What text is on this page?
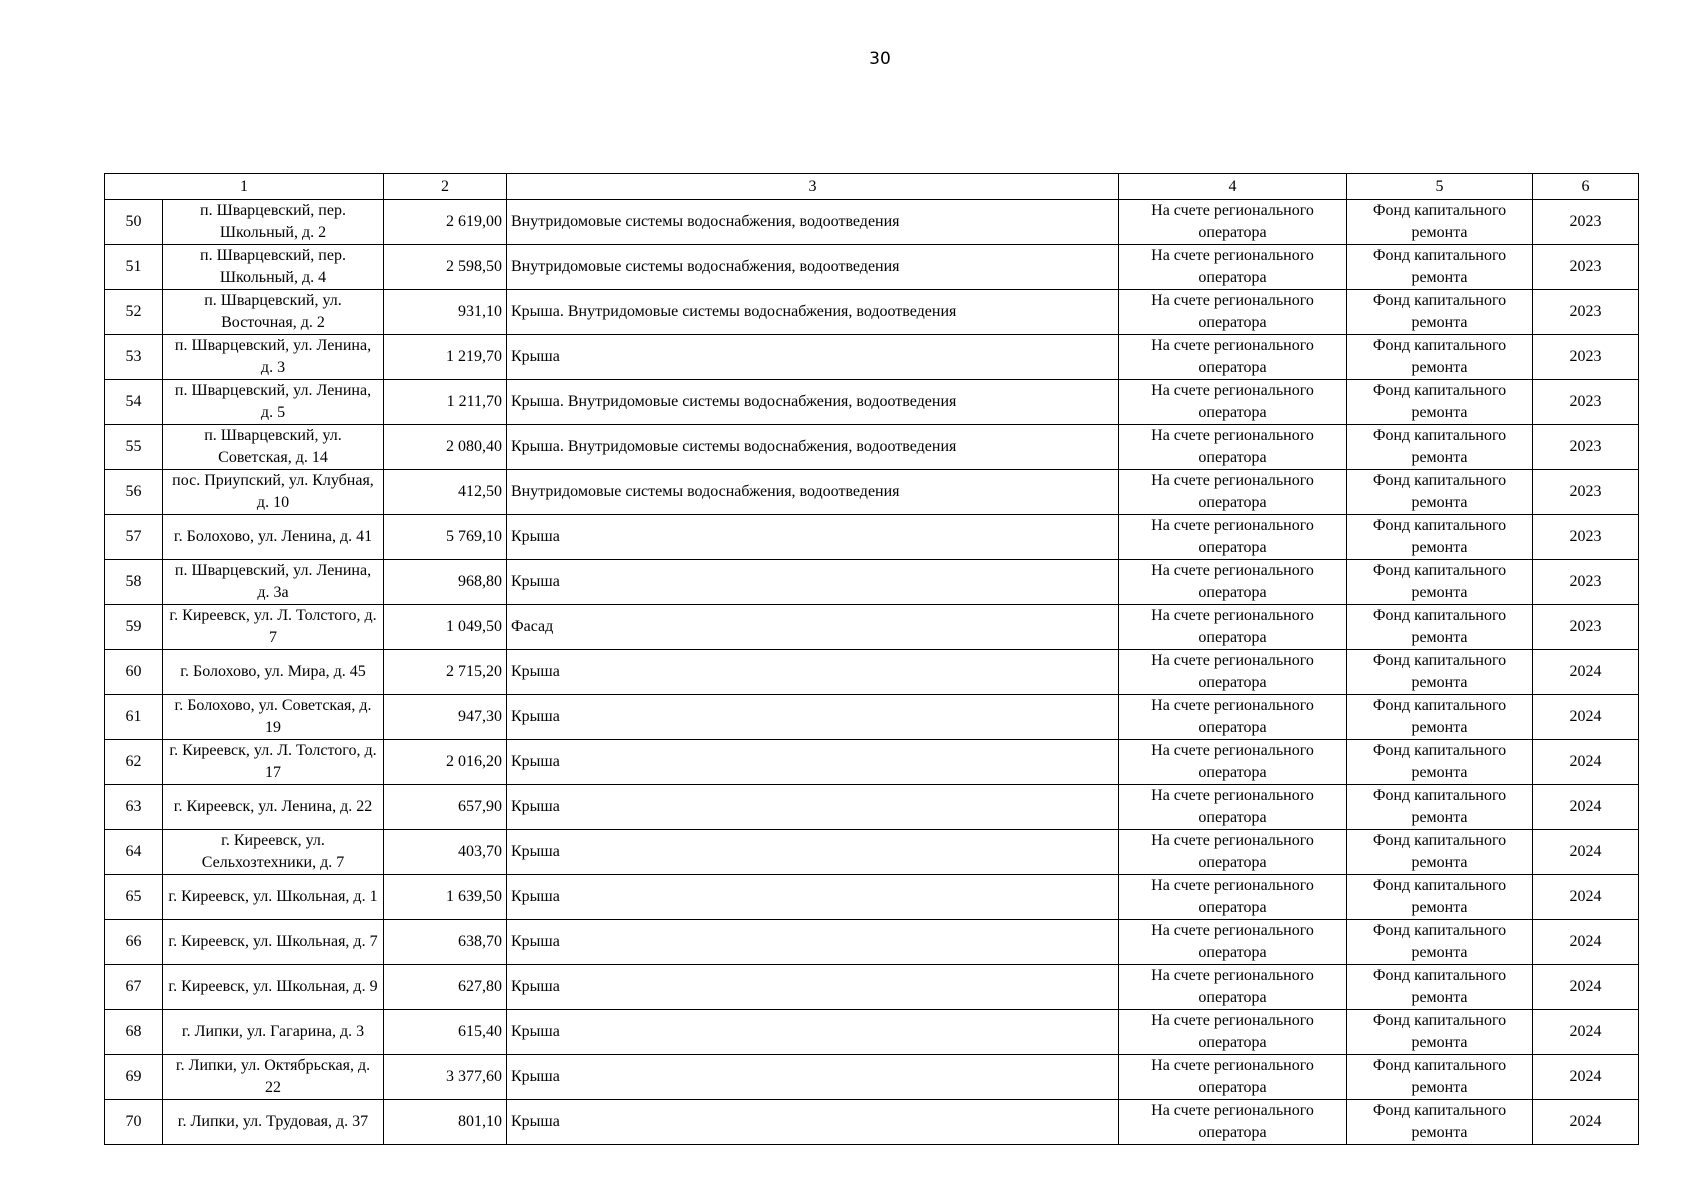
30
1		2	3	4	5	6
50	п. Шварцевский, пер. Школьный, д. 2	2 619,00	Внутридомовые системы водоснабжения, водоотведения	На счете регионального оператора	Фонд капитального ремонта	2023
51	п. Шварцевский, пер. Школьный, д. 4	2 598,50	Внутридомовые системы водоснабжения, водоотведения	На счете регионального оператора	Фонд капитального ремонта	2023
52	п. Шварцевский, ул. Восточная, д. 2	931,10	Крыша. Внутридомовые системы водоснабжения, водоотведения	На счете регионального оператора	Фонд капитального ремонта	2023
53	п. Шварцевский, ул. Ленина, д. 3	1 219,70	Крыша	На счете регионального оператора	Фонд капитального ремонта	2023
54	п. Шварцевский, ул. Ленина, д. 5	1 211,70	Крыша. Внутридомовые системы водоснабжения, водоотведения	На счете регионального оператора	Фонд капитального ремонта	2023
55	п. Шварцевский, ул. Советская, д. 14	2 080,40	Крыша. Внутридомовые системы водоснабжения, водоотведения	На счете регионального оператора	Фонд капитального ремонта	2023
56	пос. Приупский, ул. Клубная, д. 10	412,50	Внутридомовые системы водоснабжения, водоотведения	На счете регионального оператора	Фонд капитального ремонта	2023
57	г. Болохово, ул. Ленина, д. 41	5 769,10	Крыша	На счете регионального оператора	Фонд капитального ремонта	2023
58	п. Шварцевский, ул. Ленина, д. 3а	968,80	Крыша	На счете регионального оператора	Фонд капитального ремонта	2023
59	г. Киреевск, ул. Л. Толстого, д. 7	1 049,50	Фасад	На счете регионального оператора	Фонд капитального ремонта	2023
60	г. Болохово, ул. Мира, д. 45	2 715,20	Крыша	На счете регионального оператора	Фонд капитального ремонта	2024
61	г. Болохово, ул. Советская, д. 19	947,30	Крыша	На счете регионального оператора	Фонд капитального ремонта	2024
62	г. Киреевск, ул. Л. Толстого, д. 17	2 016,20	Крыша	На счете регионального оператора	Фонд капитального ремонта	2024
63	г. Киреевск, ул. Ленина, д. 22	657,90	Крыша	На счете регионального оператора	Фонд капитального ремонта	2024
64	г. Киреевск, ул. Сельхозтехники, д. 7	403,70	Крыша	На счете регионального оператора	Фонд капитального ремонта	2024
65	г. Киреевск, ул. Школьная, д. 1	1 639,50	Крыша	На счете регионального оператора	Фонд капитального ремонта	2024
66	г. Киреевск, ул. Школьная, д. 7	638,70	Крыша	На счете регионального оператора	Фонд капитального ремонта	2024
67	г. Киреевск, ул. Школьная, д. 9	627,80	Крыша	На счете регионального оператора	Фонд капитального ремонта	2024
68	г. Липки, ул. Гагарина, д. 3	615,40	Крыша	На счете регионального оператора	Фонд капитального ремонта	2024
69	г. Липки, ул. Октябрьская, д. 22	3 377,60	Крыша	На счете регионального оператора	Фонд капитального ремонта	2024
70	г. Липки, ул. Трудовая, д. 37	801,10	Крыша	На счете регионального оператора	Фонд капитального ремонта	2024
